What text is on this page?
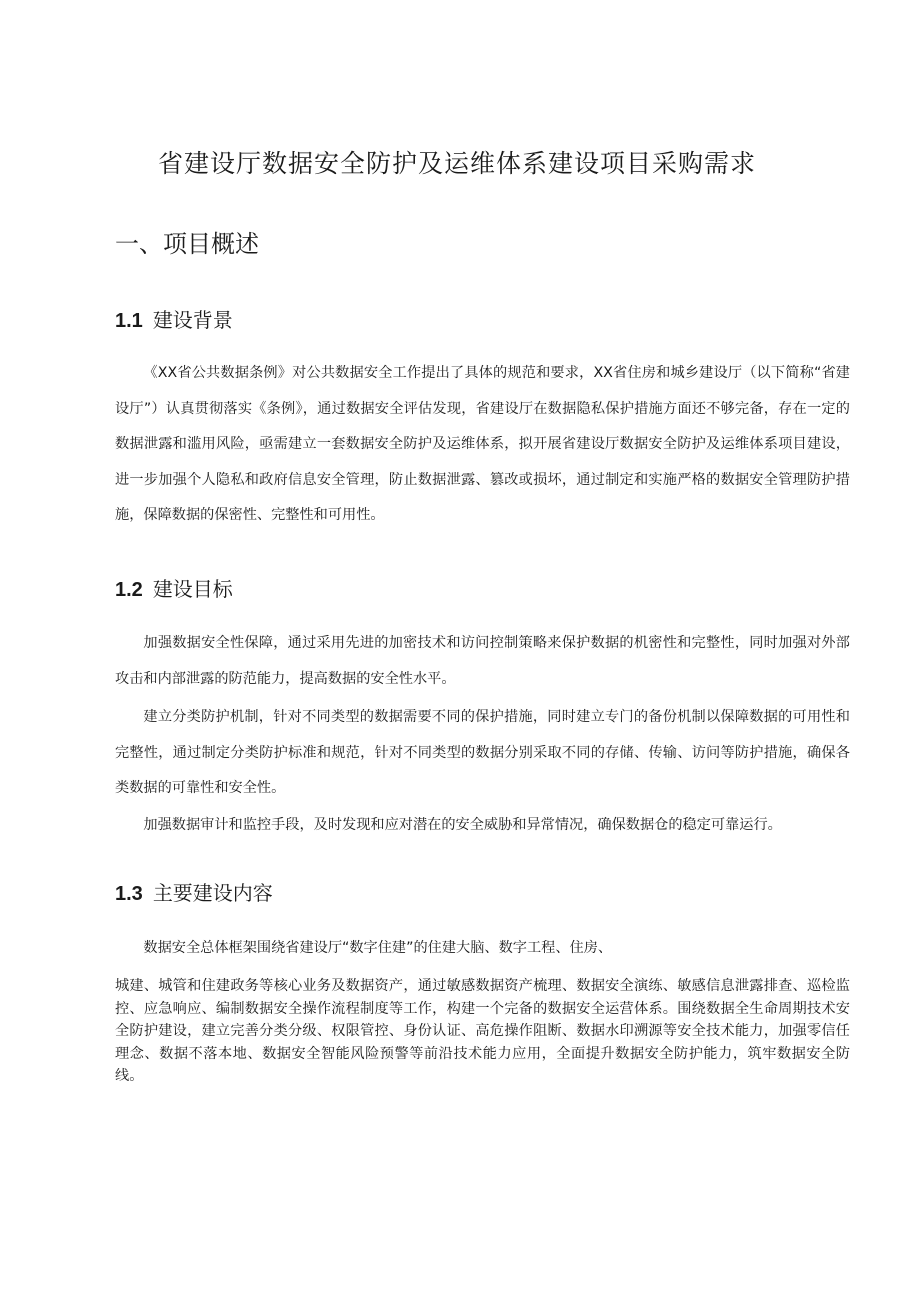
省建设厅数据安全防护及运维体系建设项目采购需求
一、项目概述
1.1 建设背景

《XX省公共数据条例》对公共数据安全工作提出了具体的规范和要求，XX省住房和城乡建设厅（以下简称“省建设厅”）认真贯彻落实《条例》，通过数据安全评估发现，省建设厅在数据隐私保护措施方面还不够完备，存在一定的数据泄露和滥用风险，亟需建立一套数据安全防护及运维体系，拟开展省建设厅数据安全防护及运维体系项目建设，进一步加强个人隐私和政府信息安全管理，防止数据泄露、篡改或损坏，通过制定和实施严格的数据安全管理防护措施，保障数据的保密性、完整性和可用性。

1.2 建设目标

加强数据安全性保障，通过采用先进的加密技术和访问控制策略来保护数据的机密性和完整性，同时加强对外部攻击和内部泄露的防范能力，提高数据的安全性水平。

建立分类防护机制，针对不同类型的数据需要不同的保护措施，同时建立专门的备份机制以保障数据的可用性和完整性，通过制定分类防护标准和规范，针对不同类型的数据分别采取不同的存储、传输、访问等防护措施，确保各类数据的可靠性和安全性。

加强数据审计和监控手段，及时发现和应对潜在的安全威胁和异常情况，确保数据仓的稳定可靠运行。

1.3 主要建设内容

数据安全总体框架围绕省建设厅“数字住建”的住建大脑、数字工程、住房、

城建、城管和住建政务等核心业务及数据资产，通过敏感数据资产梳理、数据安全演练、敏感信息泄露排查、巡检监控、应急响应、编制数据安全操作流程制度等工作，构建一个完备的数据安全运营体系。围绕数据全生命周期技术安全防护建设，建立完善分类分级、权限管控、身份认证、高危操作阻断、数据水印溯源等安全技术能力，加强零信任理念、数据不落本地、数据安全智能风险预警等前沿技术能力应用，全面提升数据安全防护能力，筑牢数据安全防线。
